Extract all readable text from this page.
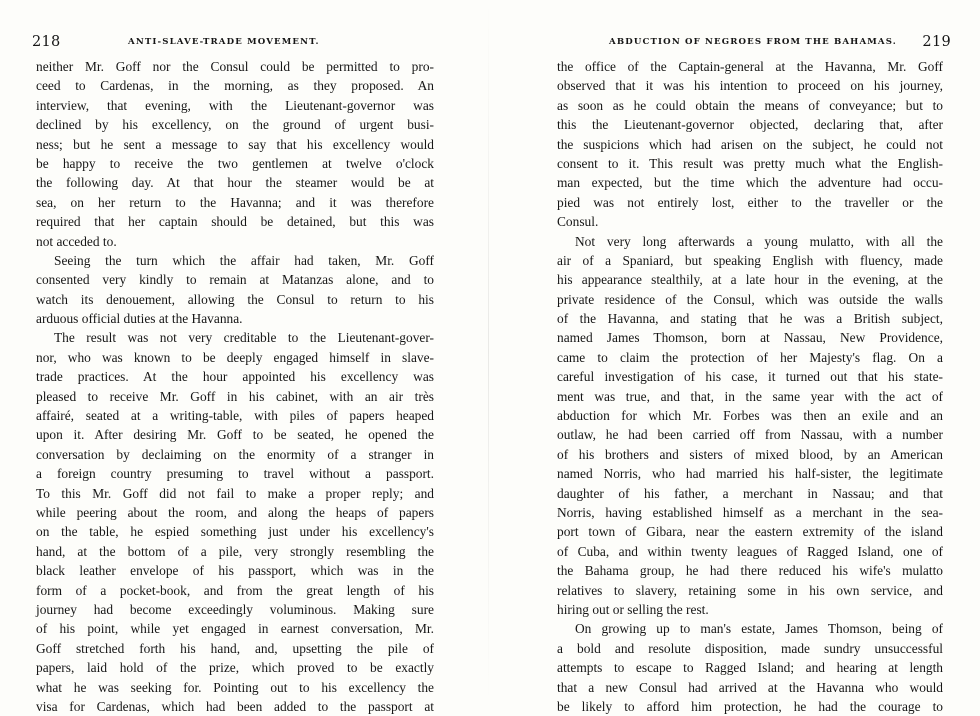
218	ANTI-SLAVE-TRADE MOVEMENT.
neither Mr. Goff nor the Consul could be permitted to pro-
ceed to Cardenas, in the morning, as they proposed. An
interview, that evening, with the Lieutenant-governor was
declined by his excellency, on the ground of urgent busi-
ness; but he sent a message to say that his excellency would
be happy to receive the two gentlemen at twelve o'clock
the following day. At that hour the steamer would be at
sea, on her return to the Havanna; and it was therefore
required that her captain should be detained, but this was
not acceded to.
Seeing the turn which the affair had taken, Mr. Goff
consented very kindly to remain at Matanzas alone, and to
watch its denouement, allowing the Consul to return to his
arduous official duties at the Havanna.
The result was not very creditable to the Lieutenant-gover-
nor, who was known to be deeply engaged himself in slave-
trade practices. At the hour appointed his excellency was
pleased to receive Mr. Goff in his cabinet, with an air très
affairé, seated at a writing-table, with piles of papers heaped
upon it. After desiring Mr. Goff to be seated, he opened the
conversation by declaiming on the enormity of a stranger in
a foreign country presuming to travel without a passport.
To this Mr. Goff did not fail to make a proper reply; and
while peering about the room, and along the heaps of papers
on the table, he espied something just under his excellency's
hand, at the bottom of a pile, very strongly resembling the
black leather envelope of his passport, which was in the
form of a pocket-book, and from the great length of his
journey had become exceedingly voluminous. Making sure
of his point, while yet engaged in earnest conversation, Mr.
Goff stretched forth his hand, and, upsetting the pile of
papers, laid hold of the prize, which proved to be exactly
what he was seeking for. Pointing out to his excellency the
visa for Cardenas, which had been added to the passport at
ABDUCTION OF NEGROES FROM THE BAHAMAS. 219
the office of the Captain-general at the Havanna, Mr. Goff
observed that it was his intention to proceed on his journey,
as soon as he could obtain the means of conveyance; but to
this the Lieutenant-governor objected, declaring that, after
the suspicions which had arisen on the subject, he could not
consent to it. This result was pretty much what the English-
man expected, but the time which the adventure had occu-
pied was not entirely lost, either to the traveller or the
Consul.
Not very long afterwards a young mulatto, with all the
air of a Spaniard, but speaking English with fluency, made
his appearance stealthily, at a late hour in the evening, at the
private residence of the Consul, which was outside the walls
of the Havanna, and stating that he was a British subject,
named James Thomson, born at Nassau, New Providence,
came to claim the protection of her Majesty's flag. On a
careful investigation of his case, it turned out that his state-
ment was true, and that, in the same year with the act of
abduction for which Mr. Forbes was then an exile and an
outlaw, he had been carried off from Nassau, with a number
of his brothers and sisters of mixed blood, by an American
named Norris, who had married his half-sister, the legitimate
daughter of his father, a merchant in Nassau; and that
Norris, having established himself as a merchant in the sea-
port town of Gibara, near the eastern extremity of the island
of Cuba, and within twenty leagues of Ragged Island, one of
the Bahama group, he had there reduced his wife's mulatto
relatives to slavery, retaining some in his own service, and
hiring out or selling the rest.
On growing up to man's estate, James Thomson, being of
a bold and resolute disposition, made sundry unsuccessful
attempts to escape to Ragged Island; and hearing at length
that a new Consul had arrived at the Havanna who would
be likely to afford him protection, he had the courage to
